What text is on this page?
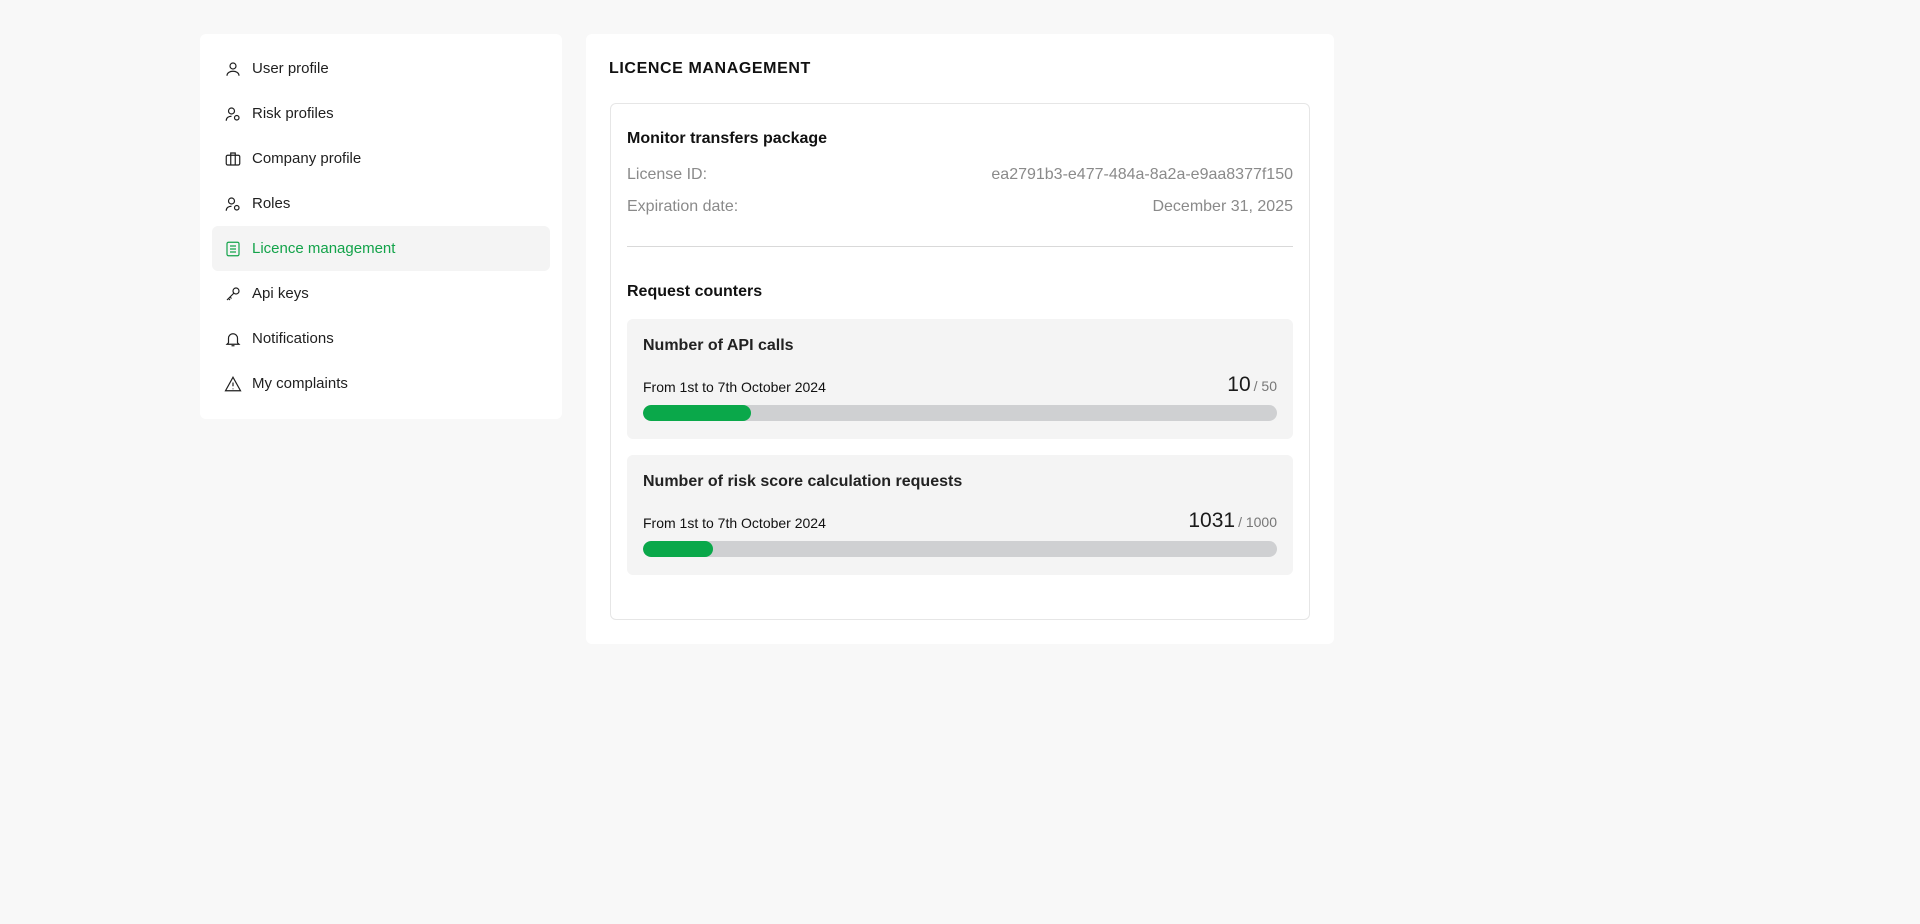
User profile
Risk profiles
Company profile
Roles
Licence management
Api keys
Notifications
My complaints
LICENCE MANAGEMENT
Monitor transfers package
License ID:	ea2791b3-e477-484a-8a2a-e9aa8377f150
Expiration date:	December 31, 2025
Request counters
Number of API calls
From 1st to 7th October 2024	10 / 50
Number of risk score calculation requests
From 1st to 7th October 2024	1031 / 1000
